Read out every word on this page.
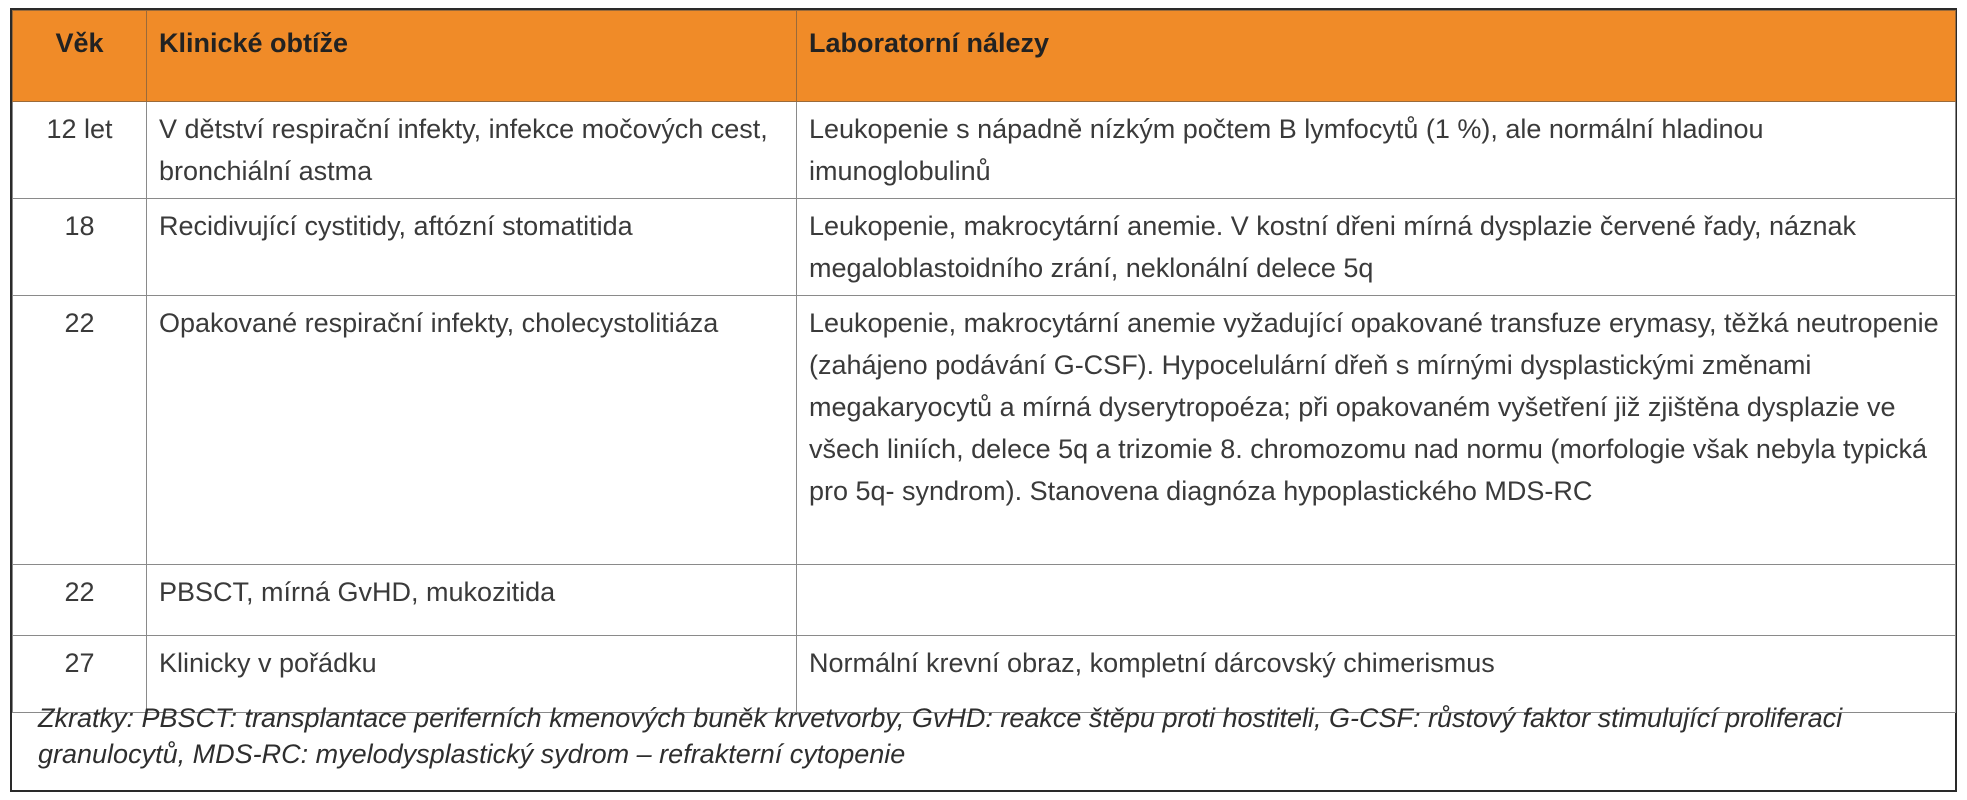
Věk	Klinické obtíže	Laboratorní nálezy
12 let	V dětství respirační infekty, infekce močových cest, bronchiální astma	Leukopenie s nápadně nízkým počtem B lymfocytů (1 %), ale normální hladinou imunoglobulinů
18	Recidivující cystitidy, aftózní stomatitida	Leukopenie, makrocytární anemie. V kostní dřeni mírná dysplazie červené řady, náznak megaloblastoidního zrání, neklonální delece 5q
22	Opakované respirační infekty, cholecystolitiáza	Leukopenie, makrocytární anemie vyžadující opakované transfuze erymasy, těžká neutropenie (zahájeno podávání G-CSF). Hypocelulární dřeň s mírnými dysplastickými změnami megakaryocytů a mírná dyserytropoéza; při opakovaném vyšetření již zjištěna dysplazie ve všech liniích, delece 5q a trizomie 8. chromozomu nad normu (morfologie však nebyla typická pro 5q- syndrom). Stanovena diagnóza hypoplastického MDS-RC
22	PBSCT, mírná GvHD, mukozitida	
27	Klinicky v pořádku	Normální krevní obraz, kompletní dárcovský chimerismus
Zkratky: PBSCT: transplantace periferních kmenových buněk krvetvorby, GvHD: reakce štěpu proti hostiteli, G-CSF: růstový faktor stimulující proliferaci granulocytů, MDS-RC: myelodysplastický sydrom – refrakterní cytopenie
